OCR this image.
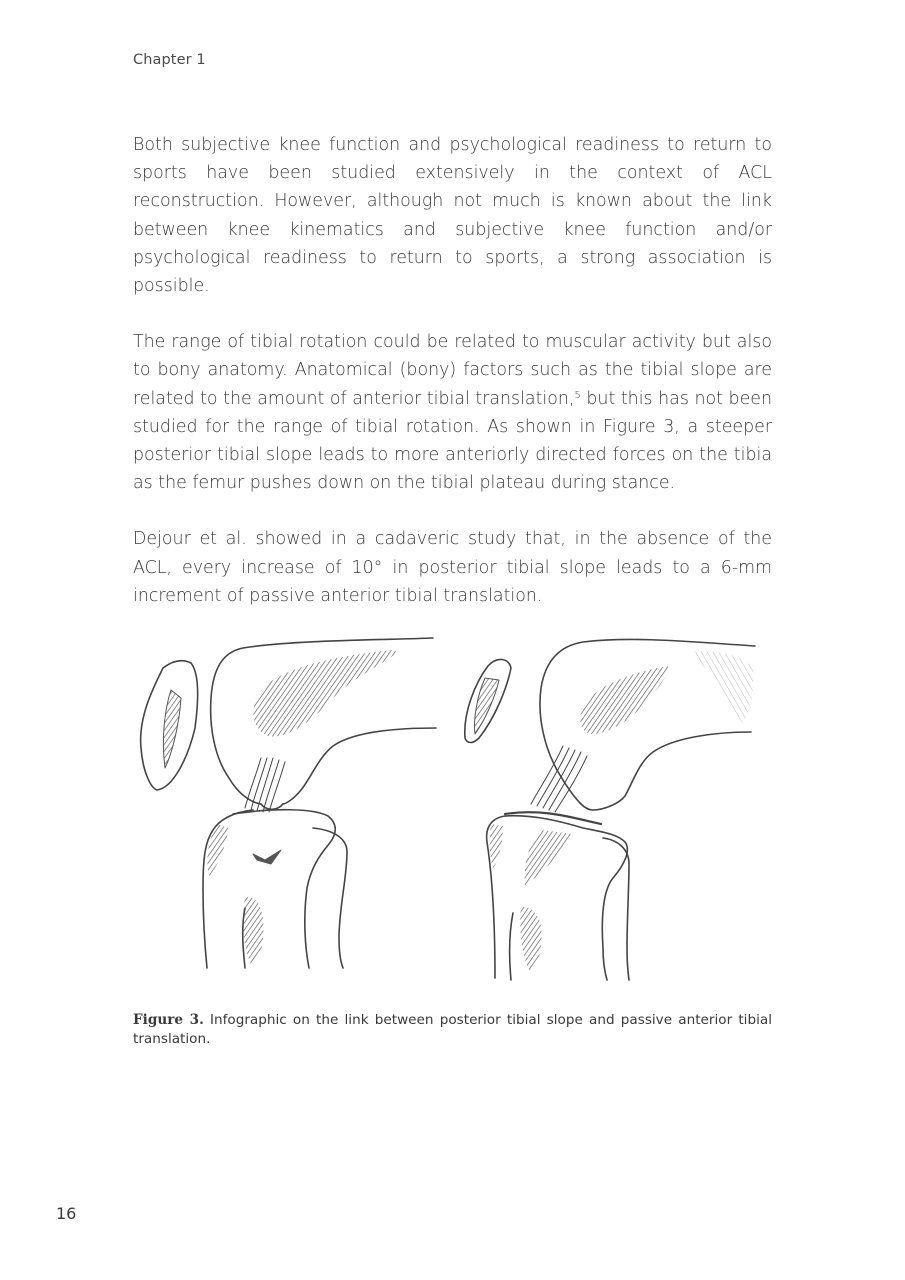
Chapter 1

Both subjective knee function and psychological readiness to return to sports have been studied extensively in the context of ACL reconstruction. However, although not much is known about the link between knee kinematics and subjective knee function and/or psychological readiness to return to sports, a strong association is possible.

The range of tibial rotation could be related to muscular activity but also to bony anatomy. Anatomical (bony) factors such as the tibial slope are related to the amount of anterior tibial translation,$^5$ but this has not been studied for the range of tibial rotation. As shown in Figure 3, a steeper posterior tibial slope leads to more anteriorly directed forces on the tibia as the femur pushes down on the tibial plateau during stance.

Dejour et al. showed in a cadaveric study that, in the absence of the ACL, every increase of 10° in posterior tibial slope leads to a 6-mm increment of passive anterior tibial translation.

Figure 3. Infographic on the link between posterior tibial slope and passive anterior tibial translation.
16
